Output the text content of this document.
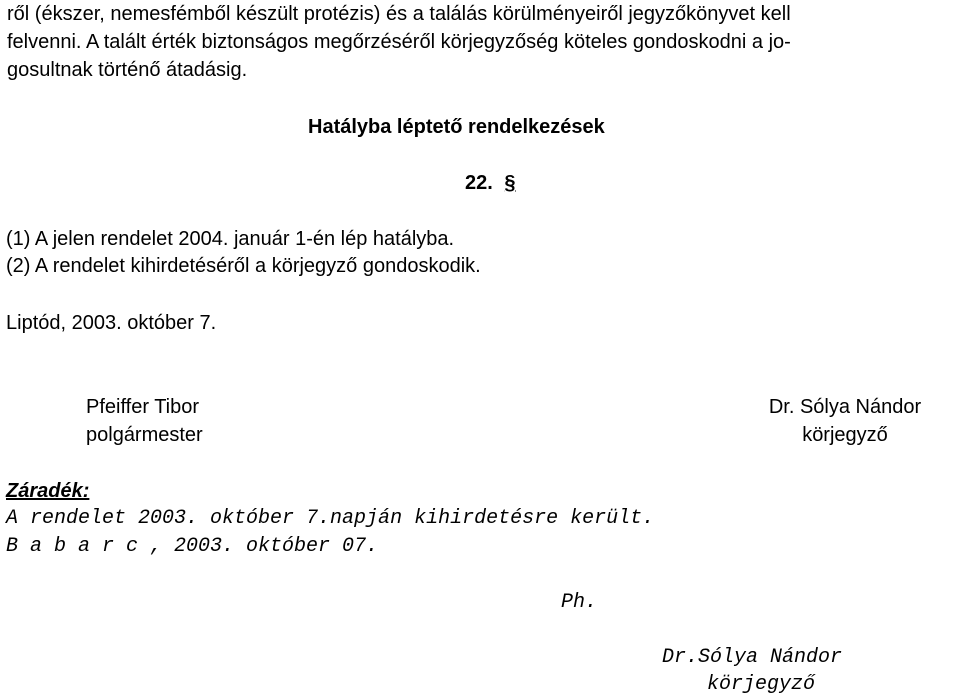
ről (ékszer, nemesfémből készült protézis) és a találás körülményeiről jegyzőkönyvet kell
felvenni. A talált érték biztonságos megőrzéséről körjegyzőség köteles gondoskodni a jo-
gosultnak történő átadásig.
Hatályba léptető rendelkezések
22. §
(1) A jelen rendelet 2004. január 1-én lép hatályba.
(2) A rendelet kihirdetéséről a körjegyző gondoskodik.
Liptód, 2003. október 7.
Pfeiffer Tibor
polgármester
Dr. Sólya Nándor
körjegyző
Záradék:
A rendelet 2003. október 7.napján kihirdetésre került.
B a b a r c , 2003. október 07.
Ph.
Dr.Sólya Nándor
körjegyző
